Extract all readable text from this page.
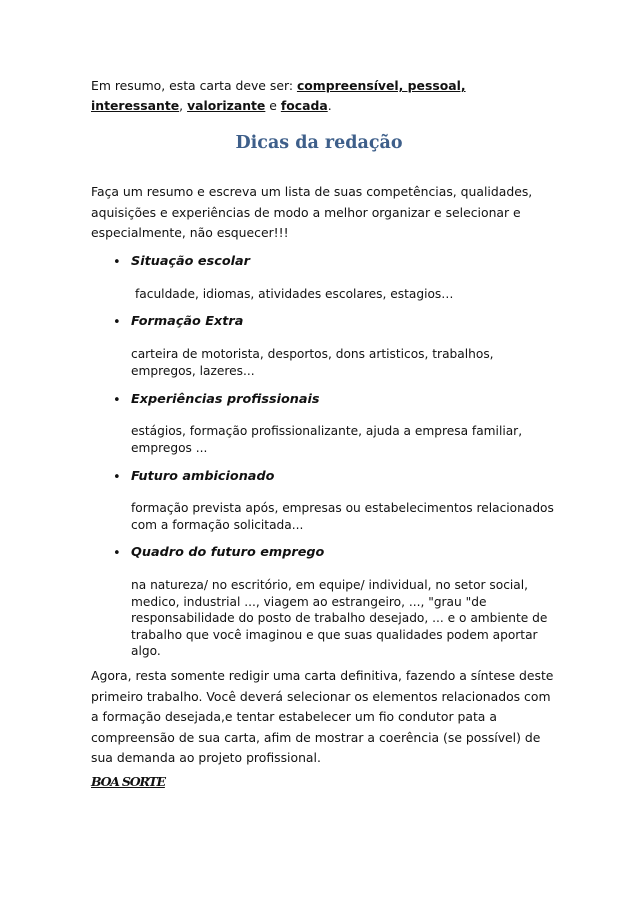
Em resumo, esta carta deve ser: compreensível, pessoal, interessante, valorizante e focada.
Dicas da redação
Faça um resumo e escreva um lista de suas competências, qualidades, aquisições e experiências de modo a melhor organizar e selecionar e especialmente, não esquecer!!!
• Situação escolar
faculdade, idiomas, atividades escolares, estagios…
• Formação Extra
carteira de motorista, desportos, dons artisticos, trabalhos, empregos, lazeres...
• Experiências profissionais
estágios, formação profissionalizante, ajuda a empresa familiar, empregos ...
• Futuro ambicionado
formação prevista após, empresas ou estabelecimentos relacionados com a formação solicitada...
• Quadro do futuro emprego
na natureza/ no escritório, em equipe/ individual, no setor social, medico, industrial ..., viagem ao estrangeiro, ..., "grau "de responsabilidade do posto de trabalho desejado, ... e o ambiente de trabalho que você imaginou e que suas qualidades podem aportar algo.
Agora, resta somente redigir uma carta definitiva, fazendo a síntese deste primeiro trabalho. Você deverá selecionar os elementos relacionados com a formação desejada,e tentar estabelecer um fio condutor pata a compreensão de sua carta, afim de mostrar a coerência (se possível) de sua demanda ao projeto profissional.
BOA SORTE
